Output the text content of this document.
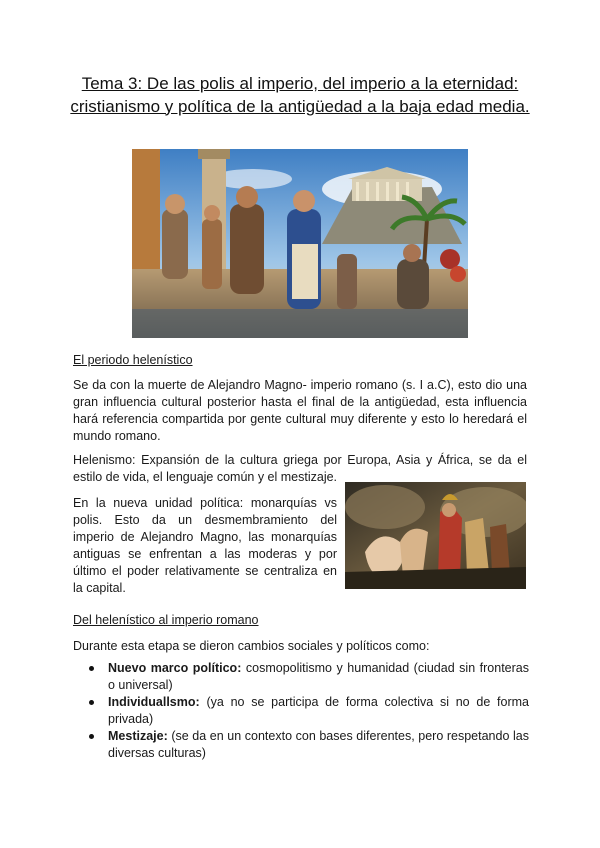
Tema 3: De las polis al imperio, del imperio a la eternidad: cristianismo y política de la antigüedad a la baja edad media.
El periodo helenístico
Se da con la muerte de Alejandro Magno- imperio romano (s. I a.C), esto dio una gran influencia cultural posterior hasta el final de la antigüedad, esta influencia hará referencia compartida por gente cultural muy diferente y esto lo heredará el mundo romano.
Helenismo: Expansión de la cultura griega por Europa, Asia y África, se da el estilo de vida, el lenguaje común y el mestizaje.
En la nueva unidad política: monarquías vs polis. Esto da un desmembramiento del imperio de Alejandro Magno, las monarquías antiguas se enfrentan a las moderas y por último el poder relativamente se centraliza en la capital.
Del helenístico al imperio romano
Durante esta etapa se dieron cambios sociales y políticos como:
Nuevo marco político: cosmopolitismo y humanidad (ciudad sin fronteras o universal)
Individuallsmo: (ya no se participa de forma colectiva si no de forma privada)
Mestizaje: (se da en un contexto con bases diferentes, pero respetando las diversas culturas)
